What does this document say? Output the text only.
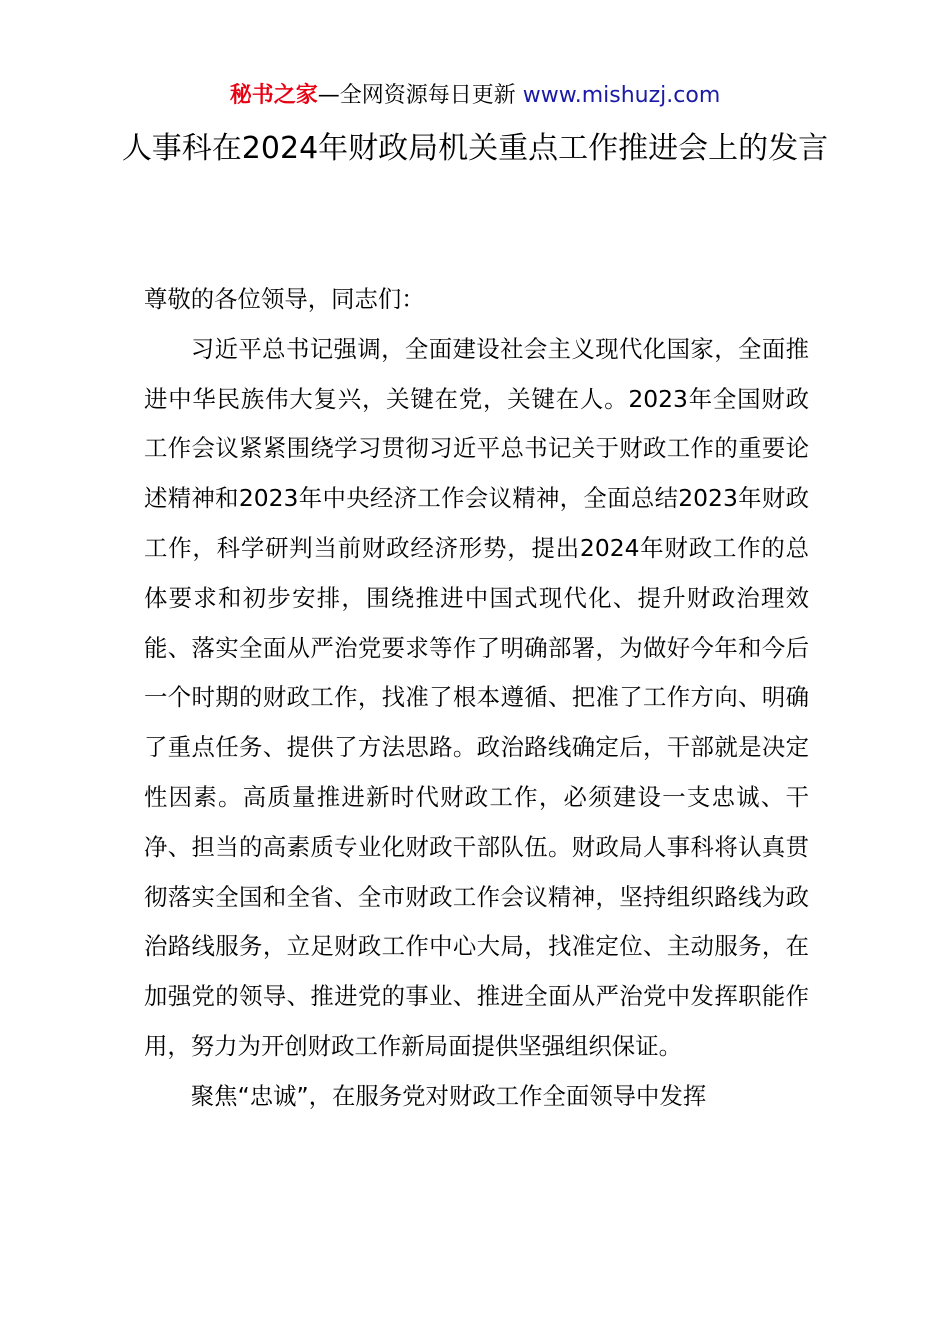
秘书之家—全网资源每日更新 www.mishuzj.com
人事科在2024年财政局机关重点工作推进会上的发言

尊敬的各位领导，同志们：

习近平总书记强调，全面建设社会主义现代化国家，全面推进中华民族伟大复兴，关键在党，关键在人。2023年全国财政工作会议紧紧围绕学习贯彻习近平总书记关于财政工作的重要论述精神和2023年中央经济工作会议精神，全面总结2023年财政工作，科学研判当前财政经济形势，提出2024年财政工作的总体要求和初步安排，围绕推进中国式现代化、提升财政治理效能、落实全面从严治党要求等作了明确部署，为做好今年和今后一个时期的财政工作，找准了根本遵循、把准了工作方向、明确了重点任务、提供了方法思路。政治路线确定后，干部就是决定性因素。高质量推进新时代财政工作，必须建设一支忠诚、干净、担当的高素质专业化财政干部队伍。财政局人事科将认真贯彻落实全国和全省、全市财政工作会议精神，坚持组织路线为政治路线服务，立足财政工作中心大局，找准定位、主动服务，在加强党的领导、推进党的事业、推进全面从严治党中发挥职能作用，努力为开创财政工作新局面提供坚强组织保证。

聚焦“忠诚”，在服务党对财政工作全面领导中发挥
